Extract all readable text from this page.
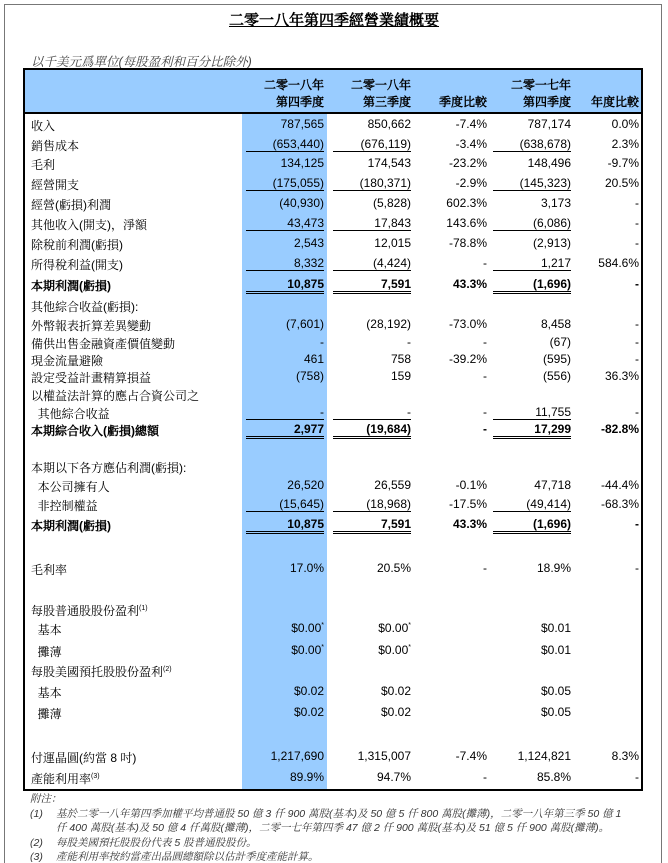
二零一八年第四季經營業績概要
以千美元爲單位(每股盈利和百分比除外)
二零一八年
第四季度
二零一八年
第三季度
季度比較
二零一七年
第四季度
年度比較
收入	787,565	850,662	-7.4%	787,174	0.0%
銷售成本	(653,440)	(676,119)	-3.4%	(638,678)	2.3%
毛利	134,125	174,543	-23.2%	148,496	-9.7%
經營開支	(175,055)	(180,371)	-2.9%	(145,323)	20.5%
經營(虧損)利潤	(40,930)	(5,828)	602.3%	3,173	-
其他收入(開支)，淨額	43,473	17,843	143.6%	(6,086)	-
除稅前利潤(虧損)	2,543	12,015	-78.8%	(2,913)	-
所得稅利益(開支)	8,332	(4,424)	-	1,217 584.6%
本期利潤(虧損)	10,875	7,591	43.3%	(1,696)	-
其他綜合收益(虧損):
外幣報表折算差異變動	(7,601)	(28,192)	-73.0%	8,458	-
備供出售金融資產價值變動	-	-	-	(67)	-
現金流量避險	461	758	-39.2%	(595)	-
設定受益計畫精算損益	(758)	159	-	(556)	36.3%
以權益法計算的應占合資公司之
其他綜合收益	-	-	-	11,755	-
本期綜合收入(虧損)總額	2,977	(19,684)	-	17,299 -82.8%
本期以下各方應佔利潤(虧損):
本公司擁有人	26,520	26,559	-0.1%	47,718 -44.4%
非控制權益	(15,645)	(18,968)	-17.5%	(49,414) -68.3%
本期利潤(虧損)	10,875	7,591	43.3%	(1,696)	-
毛利率	17.0%	20.5%	-	18.9%	-
每股普通股股份盈利$^{(1)}$
基本	$0.00*	$0.00*	$0.01
攤薄	$0.00*	$0.00*	$0.01
每股美國預托股股份盈利$^{(2)}$
基本	$0.02	$0.02	$0.05
攤薄	$0.02	$0.02	$0.05
付運晶圓(約當 8 吋)	1,217,690	1,315,007	-7.4%	1,124,821	8.3%
產能利用率$^{(3)}$	89.9%	94.7%	-	85.8%	-
附注：
(1)	基於二零一八年第四季加權平均普通股 50 億 3 仟 900 萬股(基本)及 50 億 5 仟 800 萬股(攤薄)，二零一八年第三季 50 億 1 仟 400 萬股(基本)及 50 億 4 仟萬股(攤薄)，二零一七年第四季 47 億 2 仟 900 萬股(基本)及 51 億 5 仟 900 萬股(攤薄)。
(2)	每股美國預托股股份代表 5 股普通股股份。
(3)	產能利用率按約當產出晶圓總額除以估計季度產能計算。
